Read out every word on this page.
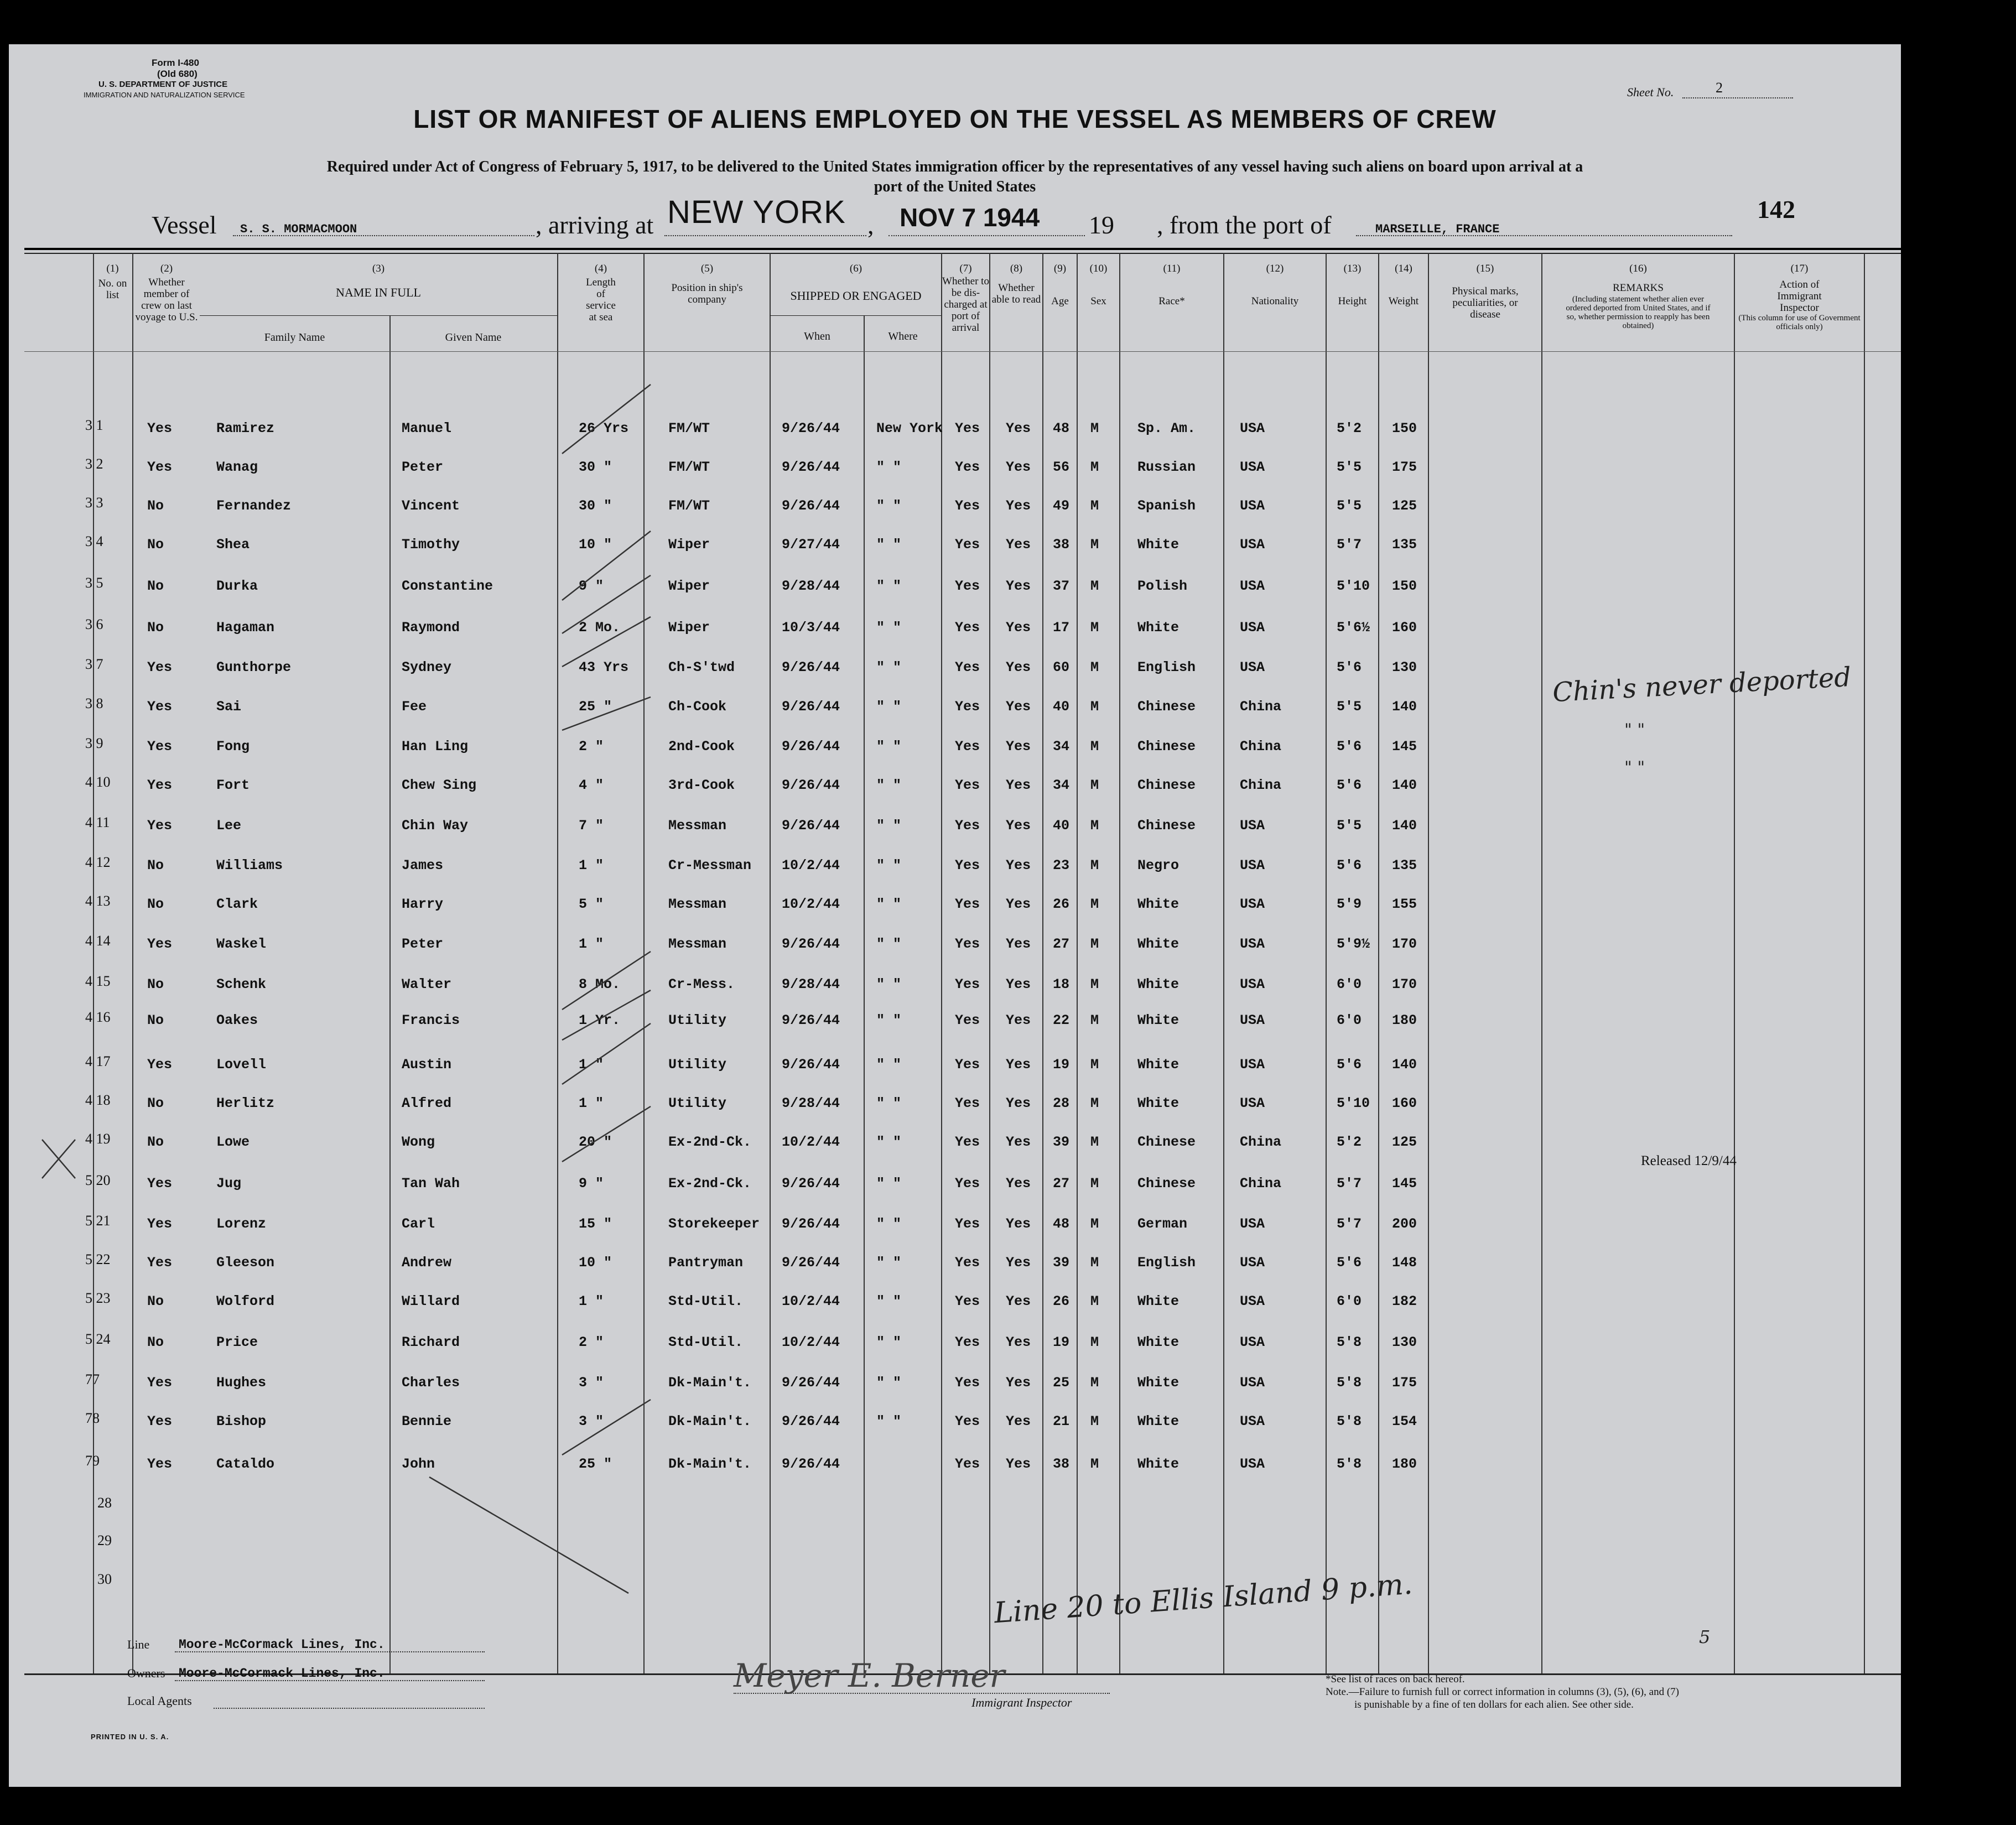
Form I-480
(Old 680)
U. S. DEPARTMENT OF JUSTICE
IMMIGRATION AND NATURALIZATION SERVICE	Sheet No.	2
LIST OR MANIFEST OF ALIENS EMPLOYED ON THE VESSEL AS MEMBERS OF CREW
Required under Act of Congress of February 5, 1917, to be delivered to the United States immigration officer by the representatives of any vessel having such aliens on board upon arrival at a
port of the United States
Vessel S. S. MORMACMOON	, arriving at NEW YORK , NOV 7 1944 19 , from the port of	MARSEILLE, FRANCE
142
(1)
No. on list
(2)
Whether member of crew on last voyage to U.S.
(3)
NAME IN FULL
Family Name	Given Name
(4)
Length of service at sea
(5)
Position in ship's company
(6)
SHIPPED OR ENGAGED
When	Where
(7)
Whether to be dis-charged at port of arrival
(8)
Whether able to read
(9)
Age
(10)
Sex
(11)
Race*
(12)
Nationality
(13)
Height
(14)
Weight
(15)
Physical marks, peculiarities, or disease
(16)
REMARKS
(Including statement whether alien ever ordered deported from United States, and if so, whether permission to reapply has been obtained)
(17)
Action of Immigrant Inspector
(This column for use of Government officials only)
3 1	Yes	Ramirez	Manuel	26 Yrs	FM/WT	9/26/44	New York Yes Yes 48 M	Sp. Am.	USA	5'2 150
3 2	Yes	Wanag	Peter	30 "	FM/WT	9/26/44	" "	Yes Yes 56 M	Russian	USA	5'5 175
3 3	No	Fernandez	Vincent	30 "	FM/WT	9/26/44	" "	Yes Yes 49 M	Spanish	USA	5'5 125
3 4	No	Shea	Timothy	10 "	Wiper	9/27/44	" "	Yes Yes 38 M	White	USA	5'7 135
3 5	No	Durka	Constantine	9 "	Wiper	9/28/44	" "	Yes Yes 37 M	Polish	USA	5'10 150
3 6	No	Hagaman	Raymond	2 Mo.	Wiper	10/3/44	" "	Yes Yes 17 M	White	USA	5'6½ 160
3 7	Yes	Gunthorpe	Sydney	43 Yrs	Ch-S'twd	9/26/44	" "	Yes Yes 60 M	English	USA	5'6 130
3 8	Yes	Sai	Fee	25 "	Ch-Cook	9/26/44	" "	Yes Yes 40 M	Chinese	China	5'5 140
3 9	Yes	Fong	Han Ling	2 "	2nd-Cook	9/26/44	" "	Yes Yes 34 M	Chinese	China	5'6 145
4 10	Yes	Fort	Chew Sing	4 "	3rd-Cook	9/26/44	" "	Yes Yes 34 M	Chinese	China	5'6 140
4 11	Yes	Lee	Chin Way	7 "	Messman	9/26/44	" "	Yes Yes 40 M	Chinese	USA	5'5 140
4 12	No	Williams	James	1 "	Cr-Messman 10/2/44	" "	Yes Yes 23 M	Negro	USA	5'6 135
4 13	No	Clark	Harry	5 "	Messman	10/2/44	" "	Yes Yes 26 M	White	USA	5'9 155
4 14	Yes	Waskel	Peter	1 "	Messman	9/26/44	" "	Yes Yes 27 M	White	USA	5'9½ 170
4 15	No	Schenk	Walter	8 Mo.	Cr-Mess.	9/28/44	" "	Yes Yes 18 M	White	USA	6'0 170
4 16	No	Oakes	Francis	1 Yr.	Utility	9/26/44	" "	Yes Yes 22 M	White	USA	6'0 180
4 17	Yes	Lovell	Austin	1 "	Utility	9/26/44	" "	Yes Yes 19 M	White	USA	5'6 140
4 18	No	Herlitz	Alfred	1 "	Utility	9/28/44	" "	Yes Yes 28 M	White	USA	5'10 160
4 19	No	Lowe	Wong	20 "	Ex-2nd-Ck. 10/2/44	" "	Yes Yes 39 M	Chinese	China	5'2 125
5 20	Yes	Jug	Tan Wah	9 "	Ex-2nd-Ck. 9/26/44	" "	Yes Yes 27 M	Chinese	China	5'7 145
5 21	Yes	Lorenz	Carl	15 "	Storekeeper 9/26/44	" "	Yes Yes 48 M	German	USA	5'7 200
5 22	Yes	Gleeson	Andrew	10 "	Pantryman	9/26/44	" "	Yes Yes 39 M	English	USA	5'6 148
5 23	No	Wolford	Willard	1 "	Std-Util.	10/2/44	" "	Yes Yes 26 M	White	USA	6'0 182
5 24	No	Price	Richard	2 "	Std-Util.	10/2/44	" "	Yes Yes 19 M	White	USA	5'8 130
77	Yes	Hughes	Charles	3 "	Dk-Main't. 9/26/44	" "	Yes Yes 25 M	White	USA	5'8 175
78	Yes	Bishop	Bennie	3 "	Dk-Main't. 9/26/44	" "	Yes Yes 21 M	White	USA	5'8 154
79	Yes	Cataldo	John	25 "	Dk-Main't. 9/26/44	Yes Yes 38 M	White	USA	5'8 180
28
29
30
Chin's never deported
" "
" "
Released 12/9/44
Line 20 to Ellis Island 9 p.m.
5
Line Moore-McCormack Lines, Inc.
Owners Moore-McCormack Lines, Inc.
Local Agents
Meyer E. Berner
Immigrant Inspector
*See list of races on back hereof.
Note.—Failure to furnish full or correct information in columns (3), (5), (6), and (7)
is punishable by a fine of ten dollars for each alien. See other side.
PRINTED IN U. S. A.
